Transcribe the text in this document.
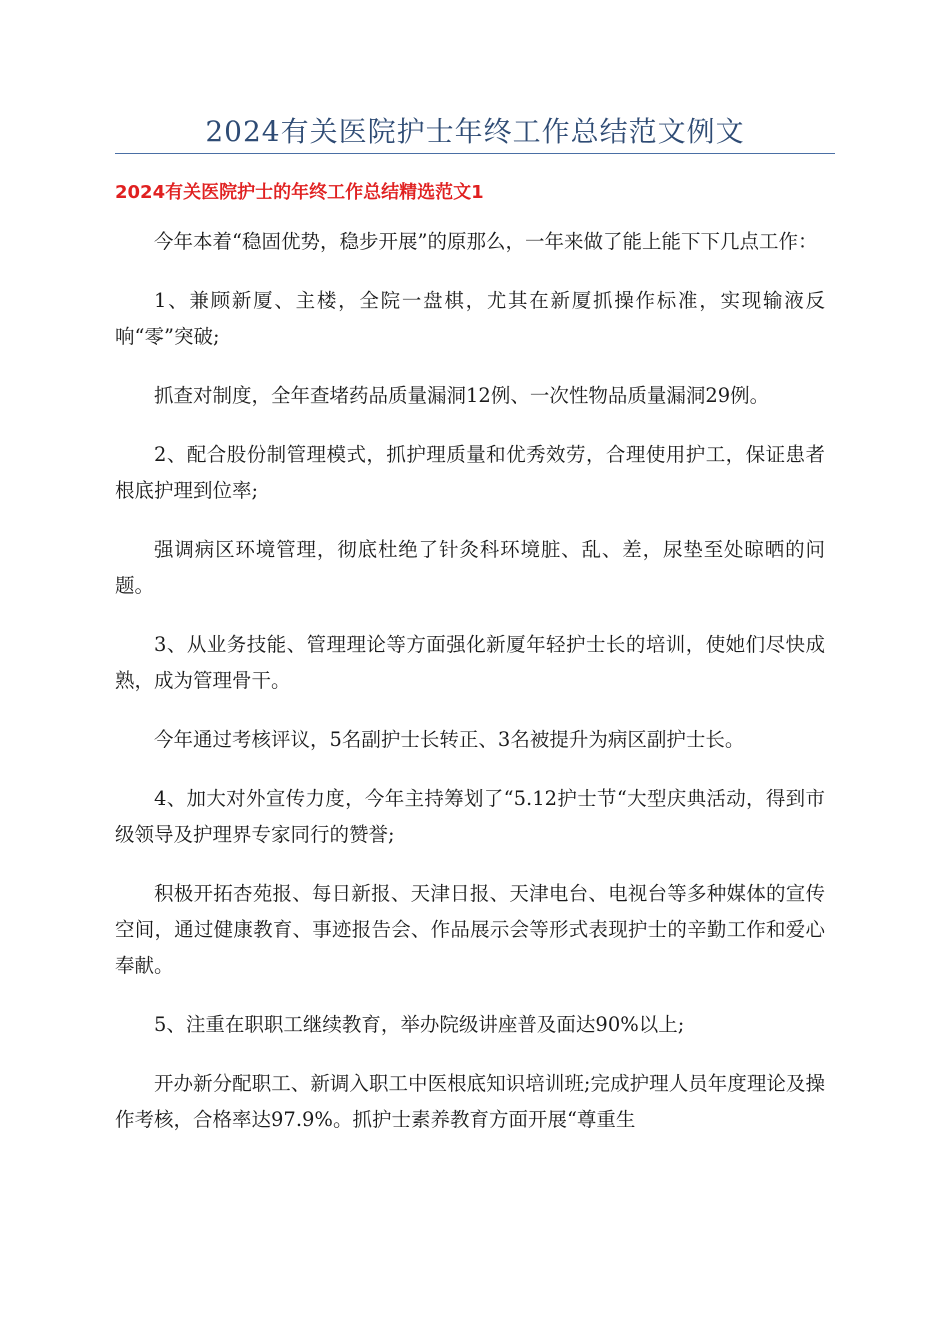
2024有关医院护士年终工作总结范文例文
2024有关医院护士的年终工作总结精选范文1

今年本着“稳固优势，稳步开展”的原那么，一年来做了能上能下下几点工作：

1、兼顾新厦、主楼，全院一盘棋，尤其在新厦抓操作标准，实现输液反响“零”突破;

抓查对制度，全年查堵药品质量漏洞12例、一次性物品质量漏洞29例。

2、配合股份制管理模式，抓护理质量和优秀效劳，合理使用护工，保证患者根底护理到位率;

强调病区环境管理，彻底杜绝了针灸科环境脏、乱、差，尿垫至处晾晒的问题。

3、从业务技能、管理理论等方面强化新厦年轻护士长的培训，使她们尽快成熟，成为管理骨干。

今年通过考核评议，5名副护士长转正、3名被提升为病区副护士长。

4、加大对外宣传力度，今年主持筹划了“5.12护士节“大型庆典活动，得到市级领导及护理界专家同行的赞誉;

积极开拓杏苑报、每日新报、天津日报、天津电台、电视台等多种媒体的宣传空间，通过健康教育、事迹报告会、作品展示会等形式表现护士的辛勤工作和爱心奉献。

5、注重在职职工继续教育，举办院级讲座普及面达90%以上;

开办新分配职工、新调入职工中医根底知识培训班;完成护理人员年度理论及操作考核，合格率达97.9%。抓护士素养教育方面开展“尊重生
